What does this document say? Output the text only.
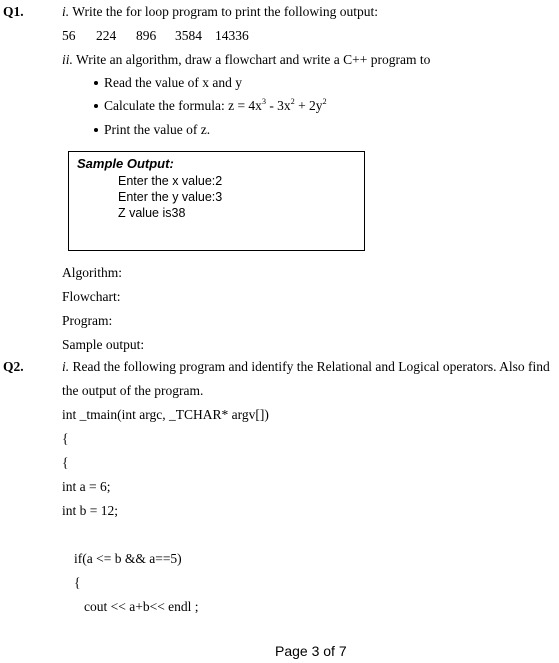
Q1.	i. Write the for loop program to print the following output:
56 224 896 3584 14336
ii. Write an algorithm, draw a flowchart and write a C++ program to
Read the value of x and y
Calculate the formula: $z = 4x^3 - 3x^2 + 2y^2$
Print the value of z.
Sample Output:
Enter the x value:2
Enter the y value:3
Z value is38
Algorithm:
Flowchart:
Program:
Sample output:
Q2.	i. Read the following program and identify the Relational and Logical operators. Also find
the output of the program.
int _tmain(int argc, _TCHAR* argv[])
{
{
int a = 6;
int b = 12;
if(a <= b && a==5)
{
cout << a+b<< endl ;
Page 3 of 7
